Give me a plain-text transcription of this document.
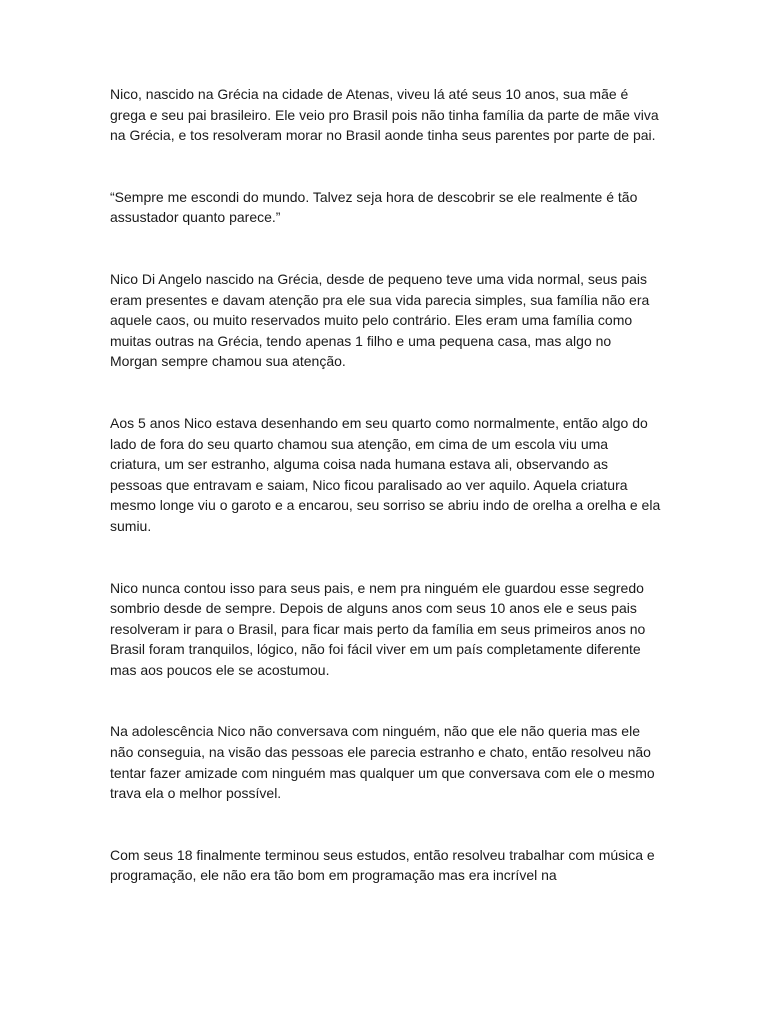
Nico, nascido na Grécia na cidade de Atenas, viveu lá até seus 10 anos, sua mãe é grega e seu pai brasileiro. Ele veio pro Brasil pois não tinha família da parte de mãe viva na Grécia, e tos resolveram morar no Brasil aonde tinha seus parentes por parte de pai.

“Sempre me escondi do mundo. Talvez seja hora de descobrir se ele realmente é tão assustador quanto parece.”

Nico Di Angelo nascido na Grécia, desde de pequeno teve uma vida normal, seus pais eram presentes e davam atenção pra ele sua vida parecia simples, sua família não era aquele caos, ou muito reservados muito pelo contrário. Eles eram uma família como muitas outras na Grécia, tendo apenas 1 filho e uma pequena casa, mas algo no Morgan sempre chamou sua atenção.

Aos 5 anos Nico estava desenhando em seu quarto como normalmente, então algo do lado de fora do seu quarto chamou sua atenção, em cima de um escola viu uma criatura, um ser estranho, alguma coisa nada humana estava ali, observando as pessoas que entravam e saiam, Nico ficou paralisado ao ver aquilo. Aquela criatura mesmo longe viu o garoto e a encarou, seu sorriso se abriu indo de orelha a orelha e ela sumiu.

Nico nunca contou isso para seus pais, e nem pra ninguém ele guardou esse segredo sombrio desde de sempre. Depois de alguns anos com seus 10 anos ele e seus pais resolveram ir para o Brasil, para ficar mais perto da família em seus primeiros anos no Brasil foram tranquilos, lógico, não foi fácil viver em um país completamente diferente mas aos poucos ele se acostumou.

Na adolescência Nico não conversava com ninguém, não que ele não queria mas ele não conseguia, na visão das pessoas ele parecia estranho e chato, então resolveu não tentar fazer amizade com ninguém mas qualquer um que conversava com ele o mesmo trava ela o melhor possível.

Com seus 18 finalmente terminou seus estudos, então resolveu trabalhar com música e programação, ele não era tão bom em programação mas era incrível na
